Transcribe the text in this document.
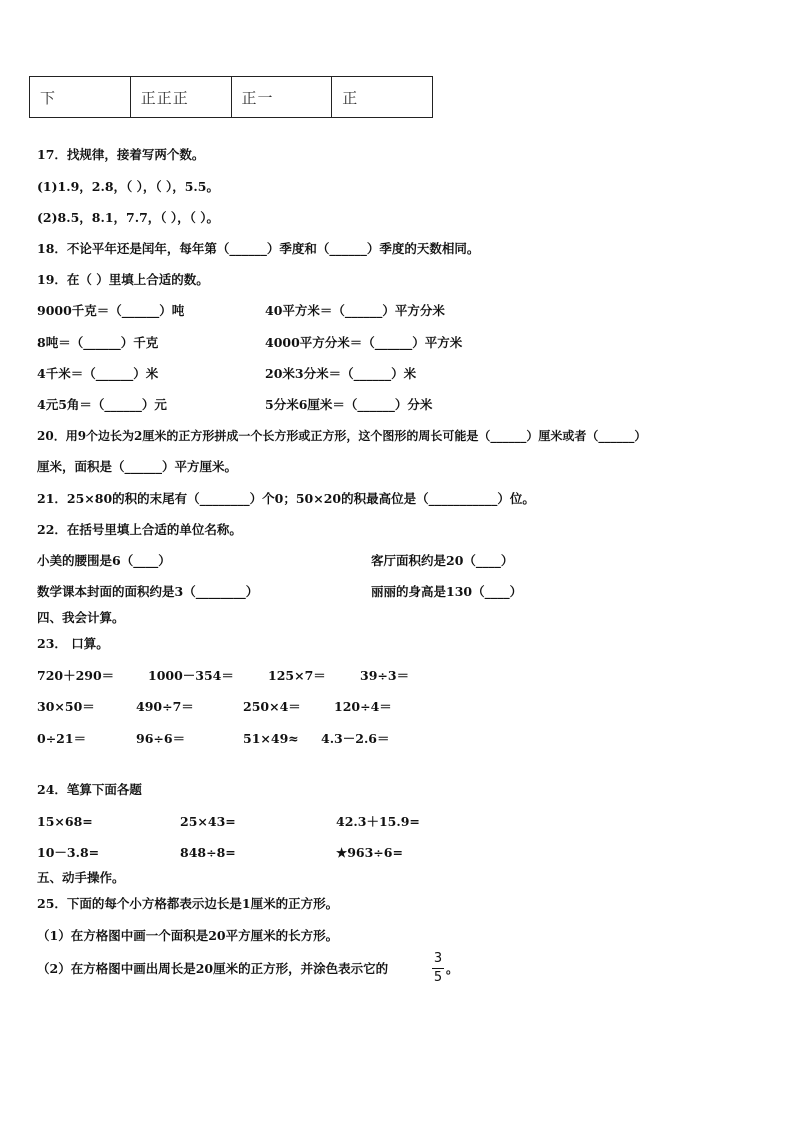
下	正正正	正一	正
17．找规律，接着写两个数。
(1)1.9，2.8，（ ），（ ），5.5。
(2)8.5，8.1，7.7，（ ），（ ）。
18．不论平年还是闰年，每年第（______）季度和（______）季度的天数相同。
19．在（ ）里填上合适的数。
9000千克＝（______）吨	40平方米＝（______）平方分米
8吨＝（______）千克	4000平方分米＝（______）平方米
4千米＝（______）米	20米3分米＝（______）米
4元5角＝（______）元	5分米6厘米＝（______）分米
20．用9个边长为2厘米的正方形拼成一个长方形或正方形，这个图形的周长可能是（______）厘米或者（______）
厘米，面积是（______）平方厘米。
21．25×80的积的末尾有（________）个0；50×20的积最高位是（___________）位。
22．在括号里填上合适的单位名称。
小美的腰围是6（____）	客厅面积约是20（____）
数学课本封面的面积约是3（________）	丽丽的身高是130（____）
四、我会计算。
23． 口算。
720＋290＝	1000－354＝	125×7＝	39÷3＝
30×50＝	490÷7＝	250×4＝	120÷4＝
0÷21＝	96÷6＝	51×49≈ 4.3－2.6＝
24．笔算下面各题
15×68=	25×43=	42.3＋15.9=
10－3.8=	848÷8=	★963÷6=
五、动手操作。
25．下面的每个小方格都表示边长是1厘米的正方形。
（1）在方格图中画一个面积是20平方厘米的长方形。
（2）在方格图中画出周长是20厘米的正方形，并涂色表示它的
3
5
。
